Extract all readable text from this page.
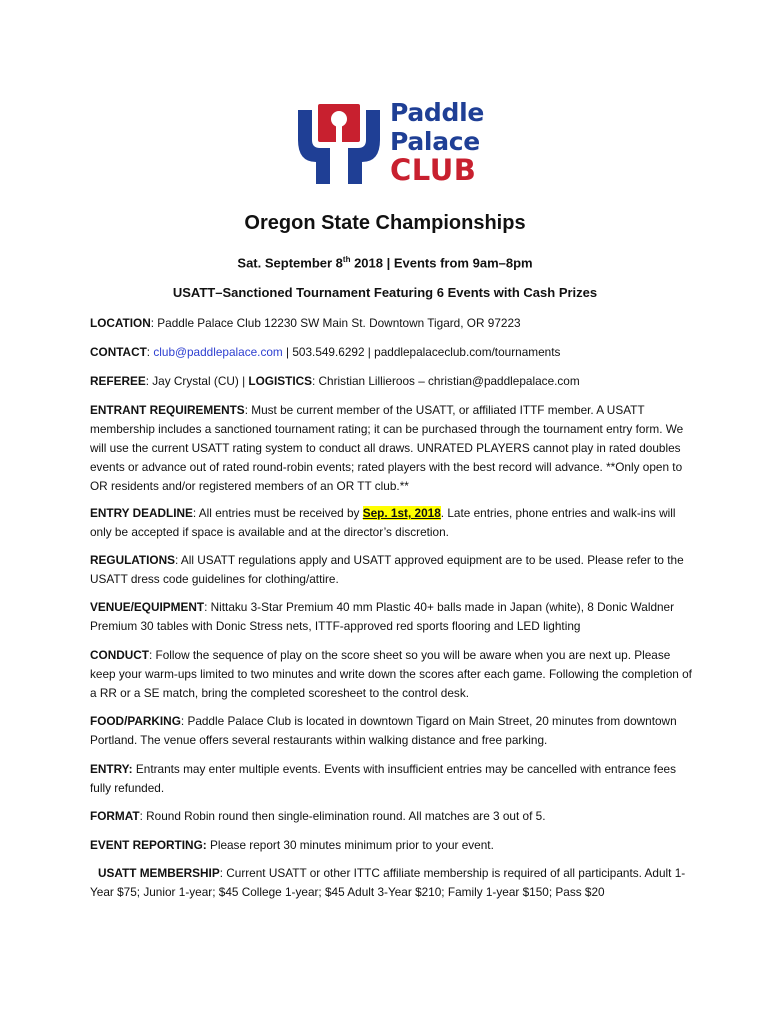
Paddle
Palace
CLUB
Oregon State Championships
Sat. September 8th 2018 | Events from 9am–8pm
USATT–Sanctioned Tournament Featuring 6 Events with Cash Prizes

LOCATION: Paddle Palace Club 12230 SW Main St. Downtown Tigard, OR 97223

CONTACT: club@paddlepalace.com | 503.549.6292 | paddlepalaceclub.com/tournaments

REFEREE: Jay Crystal (CU) | LOGISTICS: Christian Lillieroos – christian@paddlepalace.com

ENTRANT REQUIREMENTS: Must be current member of the USATT, or affiliated ITTF member. A USATT membership includes a sanctioned tournament rating; it can be purchased through the tournament entry form. We will use the current USATT rating system to conduct all draws. UNRATED PLAYERS cannot play in rated doubles events or advance out of rated round-robin events; rated players with the best record will advance. **Only open to OR residents and/or registered members of an OR TT club.**

ENTRY DEADLINE: All entries must be received by Sep. 1st, 2018. Late entries, phone entries and walk-ins will only be accepted if space is available and at the director’s discretion.

REGULATIONS: All USATT regulations apply and USATT approved equipment are to be used. Please refer to the USATT dress code guidelines for clothing/attire.

VENUE/EQUIPMENT: Nittaku 3-Star Premium 40 mm Plastic 40+ balls made in Japan (white), 8 Donic Waldner Premium 30 tables with Donic Stress nets, ITTF-approved red sports flooring and LED lighting

CONDUCT: Follow the sequence of play on the score sheet so you will be aware when you are next up. Please keep your warm-ups limited to two minutes and write down the scores after each game. Following the completion of a RR or a SE match, bring the completed scoresheet to the control desk.

FOOD/PARKING: Paddle Palace Club is located in downtown Tigard on Main Street, 20 minutes from downtown Portland. The venue offers several restaurants within walking distance and free parking.

ENTRY: Entrants may enter multiple events. Events with insufficient entries may be cancelled with entrance fees fully refunded.

FORMAT: Round Robin round then single-elimination round. All matches are 3 out of 5.

EVENT REPORTING: Please report 30 minutes minimum prior to your event.

USATT MEMBERSHIP: Current USATT or other ITTC affiliate membership is required of all participants. Adult 1-Year $75; Junior 1-year; $45 College 1-year; $45 Adult 3-Year $210; Family 1-year $150; Pass $20
